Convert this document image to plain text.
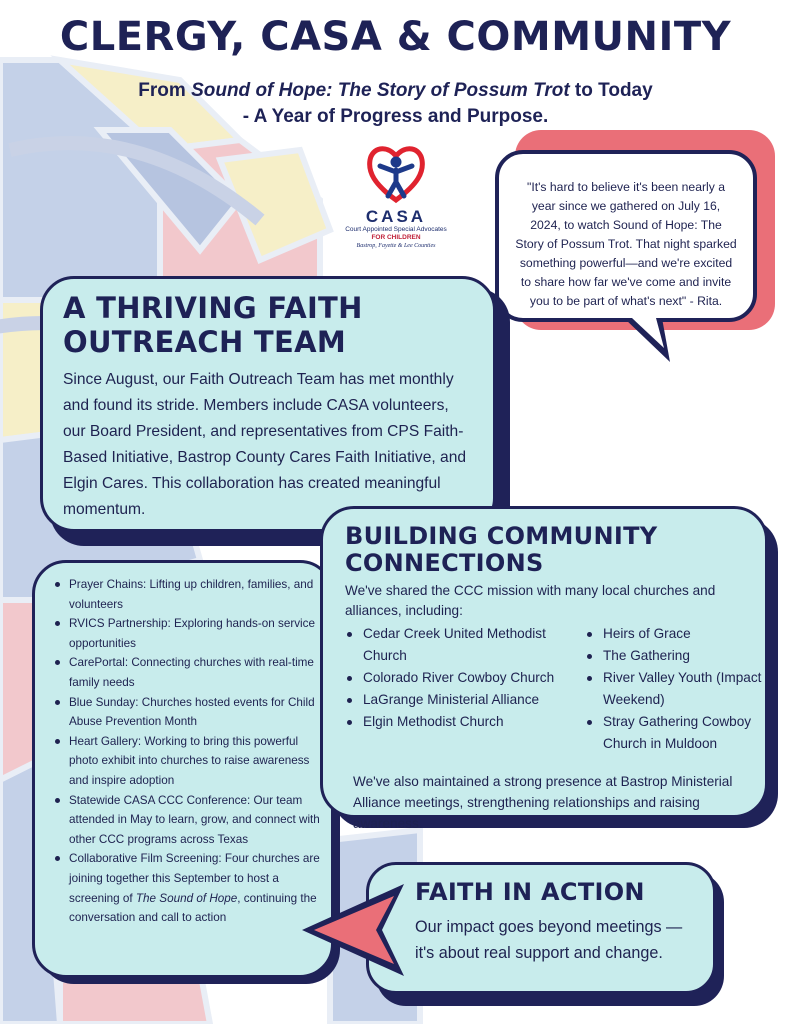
CLERGY, CASA & COMMUNITY

From Sound of Hope: The Story of Possum Trot to Today
- A Year of Progress and Purpose.

CASA
Court Appointed Special Advocates
FOR CHILDREN
Bastrop, Fayette & Lee Counties

"It's hard to believe it's been nearly a year since we gathered on July 16, 2024, to watch Sound of Hope: The Story of Possum Trot. That night sparked something powerful—and we're excited to share how far we've come and invite you to be part of what's next" - Rita.

A THRIVING FAITH
OUTREACH TEAM

Since August, our Faith Outreach Team has met monthly and found its stride. Members include CASA volunteers, our Board President, and representatives from CPS Faith-Based Initiative, Bastrop County Cares Faith Initiative, and Elgin Cares. This collaboration has created meaningful momentum.

Prayer Chains: Lifting up children, families, and volunteers
RVICS Partnership: Exploring hands-on service opportunities
CarePortal: Connecting churches with real-time family needs
Blue Sunday: Churches hosted events for Child Abuse Prevention Month
Heart Gallery: Working to bring this powerful photo exhibit into churches to raise awareness and inspire adoption
Statewide CASA CCC Conference: Our team attended in May to learn, grow, and connect with other CCC programs across Texas
Collaborative Film Screening: Four churches are joining together this September to host a screening of The Sound of Hope, continuing the conversation and call to action
BUILDING COMMUNITY
CONNECTIONS

We've shared the CCC mission with many local churches and alliances, including:

Cedar Creek United Methodist Church
Colorado River Cowboy Church
LaGrange Ministerial Alliance
Elgin Methodist Church
Heirs of Grace
The Gathering
River Valley Youth (Impact Weekend)
Stray Gathering Cowboy Church in Muldoon

We've also maintained a strong presence at Bastrop Ministerial Alliance meetings, strengthening relationships and raising awareness.

FAITH IN ACTION

Our impact goes beyond meetings — it's about real support and change.
